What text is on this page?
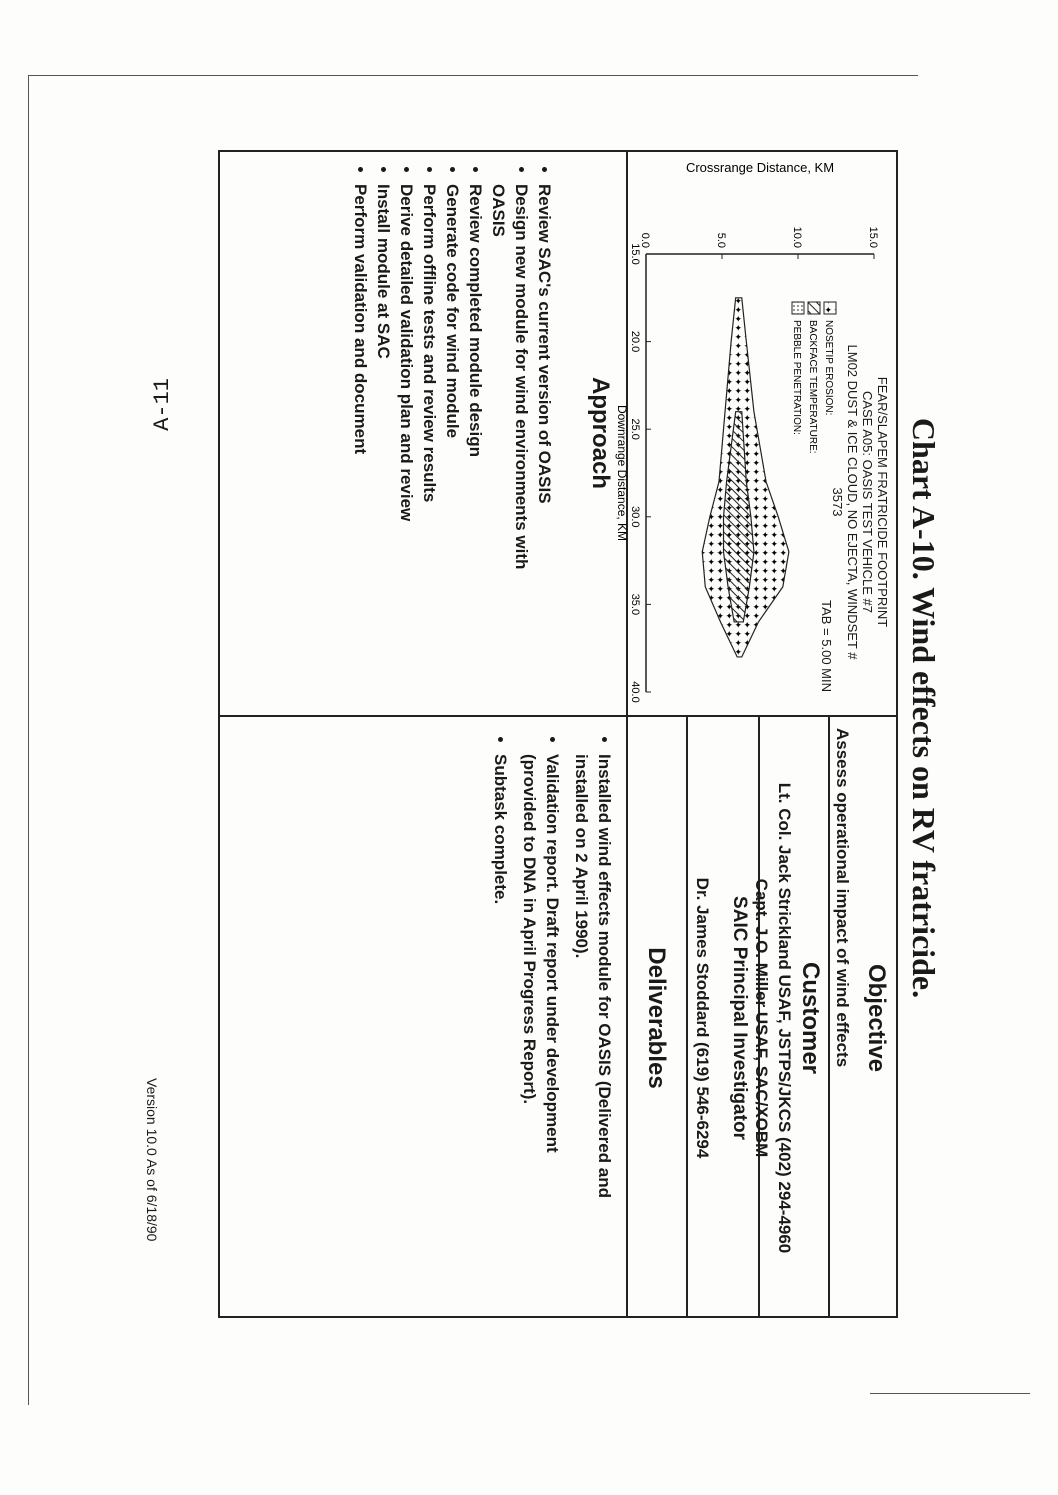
Chart A-10. Wind effects on RV fratricide.
Objective
Assess operational impact of wind effects
Customer
Lt. Col. Jack Strickland USAF, JSTPS/JKCS (402) 294-4960
Capt. J.O. Miller USAF, SAC/XOBM
SAIC Principal Investigator
Dr. James Stoddard (619) 546-6294
Deliverables
• Installed wind effects module for OASIS (Delivered and installed on 2 April 1990).
• Validation report. Draft report under development (provided to DNA in April Progress Report).
• Subtask complete.
Approach
• Review SAC's current version of OASIS
• Design new module for wind environments with OASIS
• Review completed module design
• Generate code for wind module
• Perform offline tests and review results
• Derive detailed validation plan and review
• Install module at SAC
• Perform validation and document	15.0
20.0
25.0
30.0
35.0
40.0
0.0	5.0	10.0	15.0
Crossrange Distance, KM
NOSETIP EROSION:
BACKFACE TEMPERATURE:
PEBBLE PENETRATION:
Downrange Distance, KM	FEAR/SLAPEM FRATRICIDE FOOTPRINT
CASE A05: OASIS TEST VEHICLE #7
LM02 DUST & ICE CLOUD, NO EJECTA, WINDSET # 3573
TAB = 5.00 MIN
A-11
Version 10.0 As of 6/18/90
